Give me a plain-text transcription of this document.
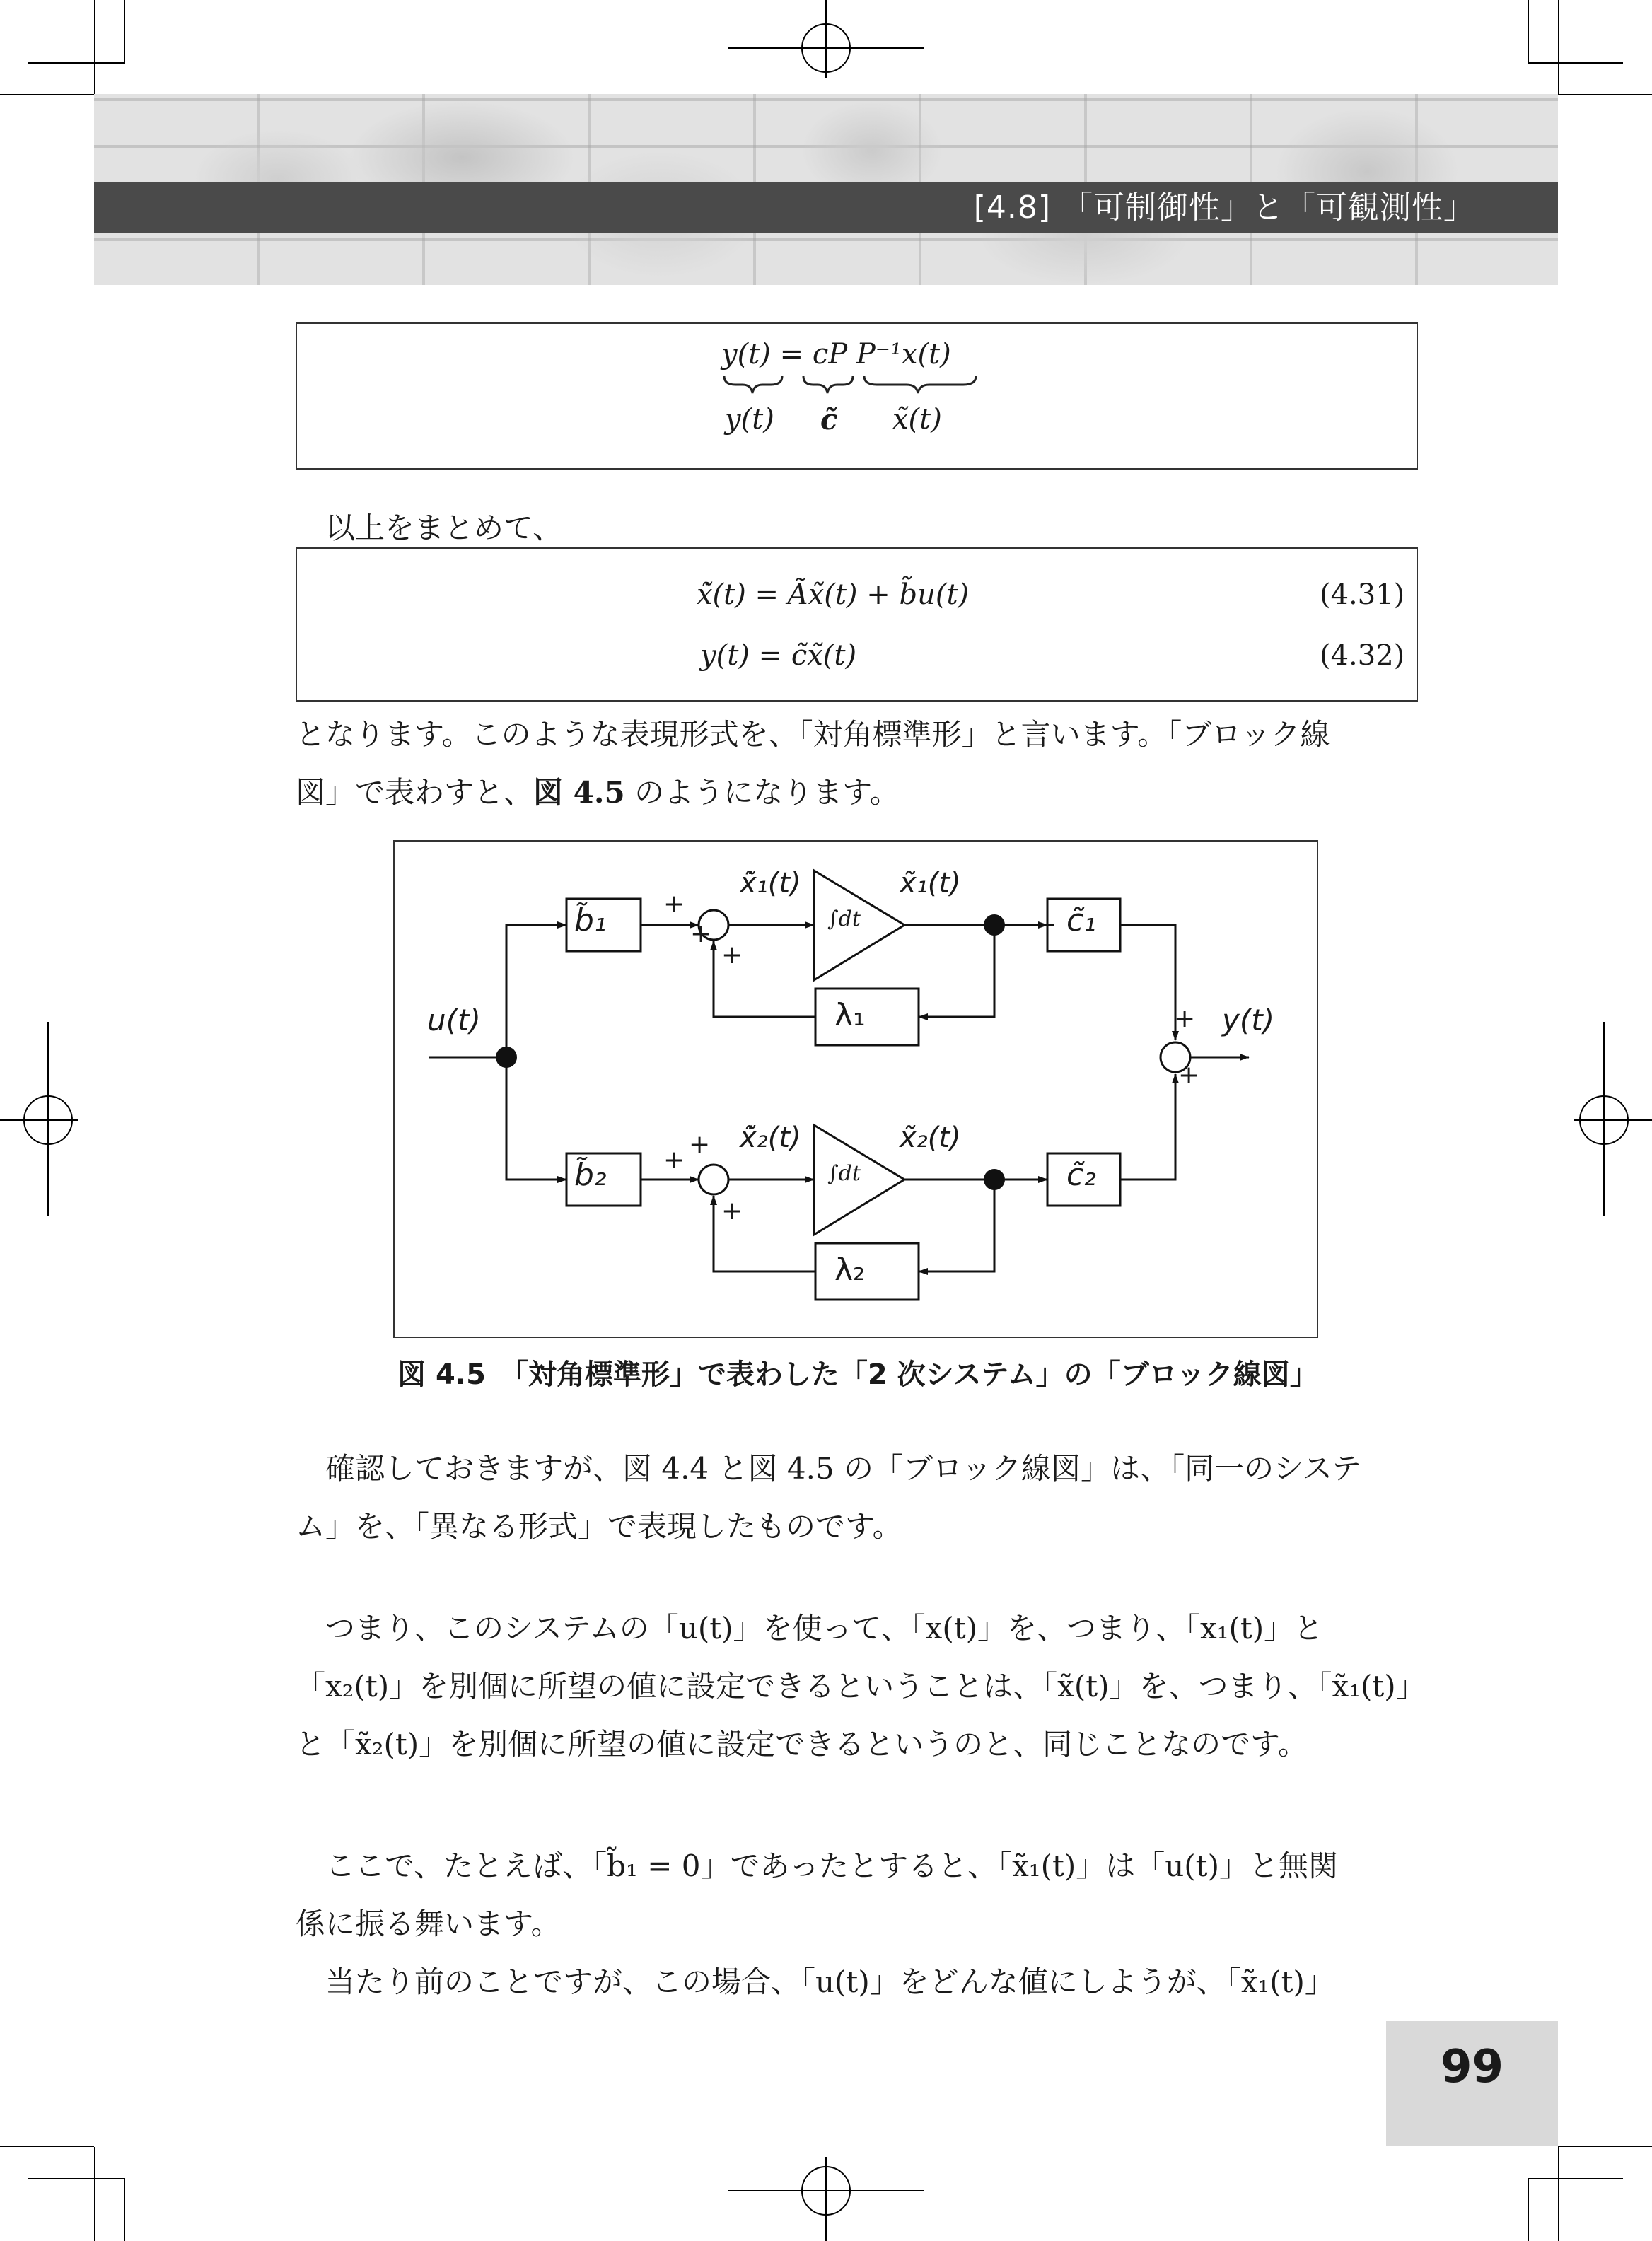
[4.8] 「可制御性」と「可観測性」
y(t) = cP P⁻¹x(t)
y(t) c̃ x̃(t)
以上をまとめて、
x̃̇(t) = Ãx̃(t) + b̃u(t)	(4.31)
y(t) = c̃x̃(t)	(4.32)
となります。このような表現形式を、「対角標準形」と言います。「ブロック線
図」で表わすと、図 4.5 のようになります。
u(t)	y(t)
b̃₁
b̃₂
c̃₁
c̃₂
λ₁
λ₂
∫dt
∫dt
x̃̇₁(t)	x̃₁(t)
x̃̇₂(t)	x̃₂(t)
+
+
+
+
+
+
+
+
図 4.5　「対角標準形」で表わした「2 次システム」の「ブロック線図」
確認しておきますが、図 4.4 と図 4.5 の「ブロック線図」は、「同一のシステ
ム」を、「異なる形式」で表現したものです。
つまり、このシステムの「u(t)」を使って、「x(t)」を、つまり、「x₁(t)」と
「x₂(t)」を別個に所望の値に設定できるということは、「x̃(t)」を、つまり、「x̃₁(t)」
と「x̃₂(t)」を別個に所望の値に設定できるというのと、同じことなのです。
ここで、たとえば、「b̃₁ = 0」であったとすると、「x̃₁(t)」は「u(t)」と無関
係に振る舞います。
当たり前のことですが、この場合、「u(t)」をどんな値にしようが、「x̃₁(t)」
99
